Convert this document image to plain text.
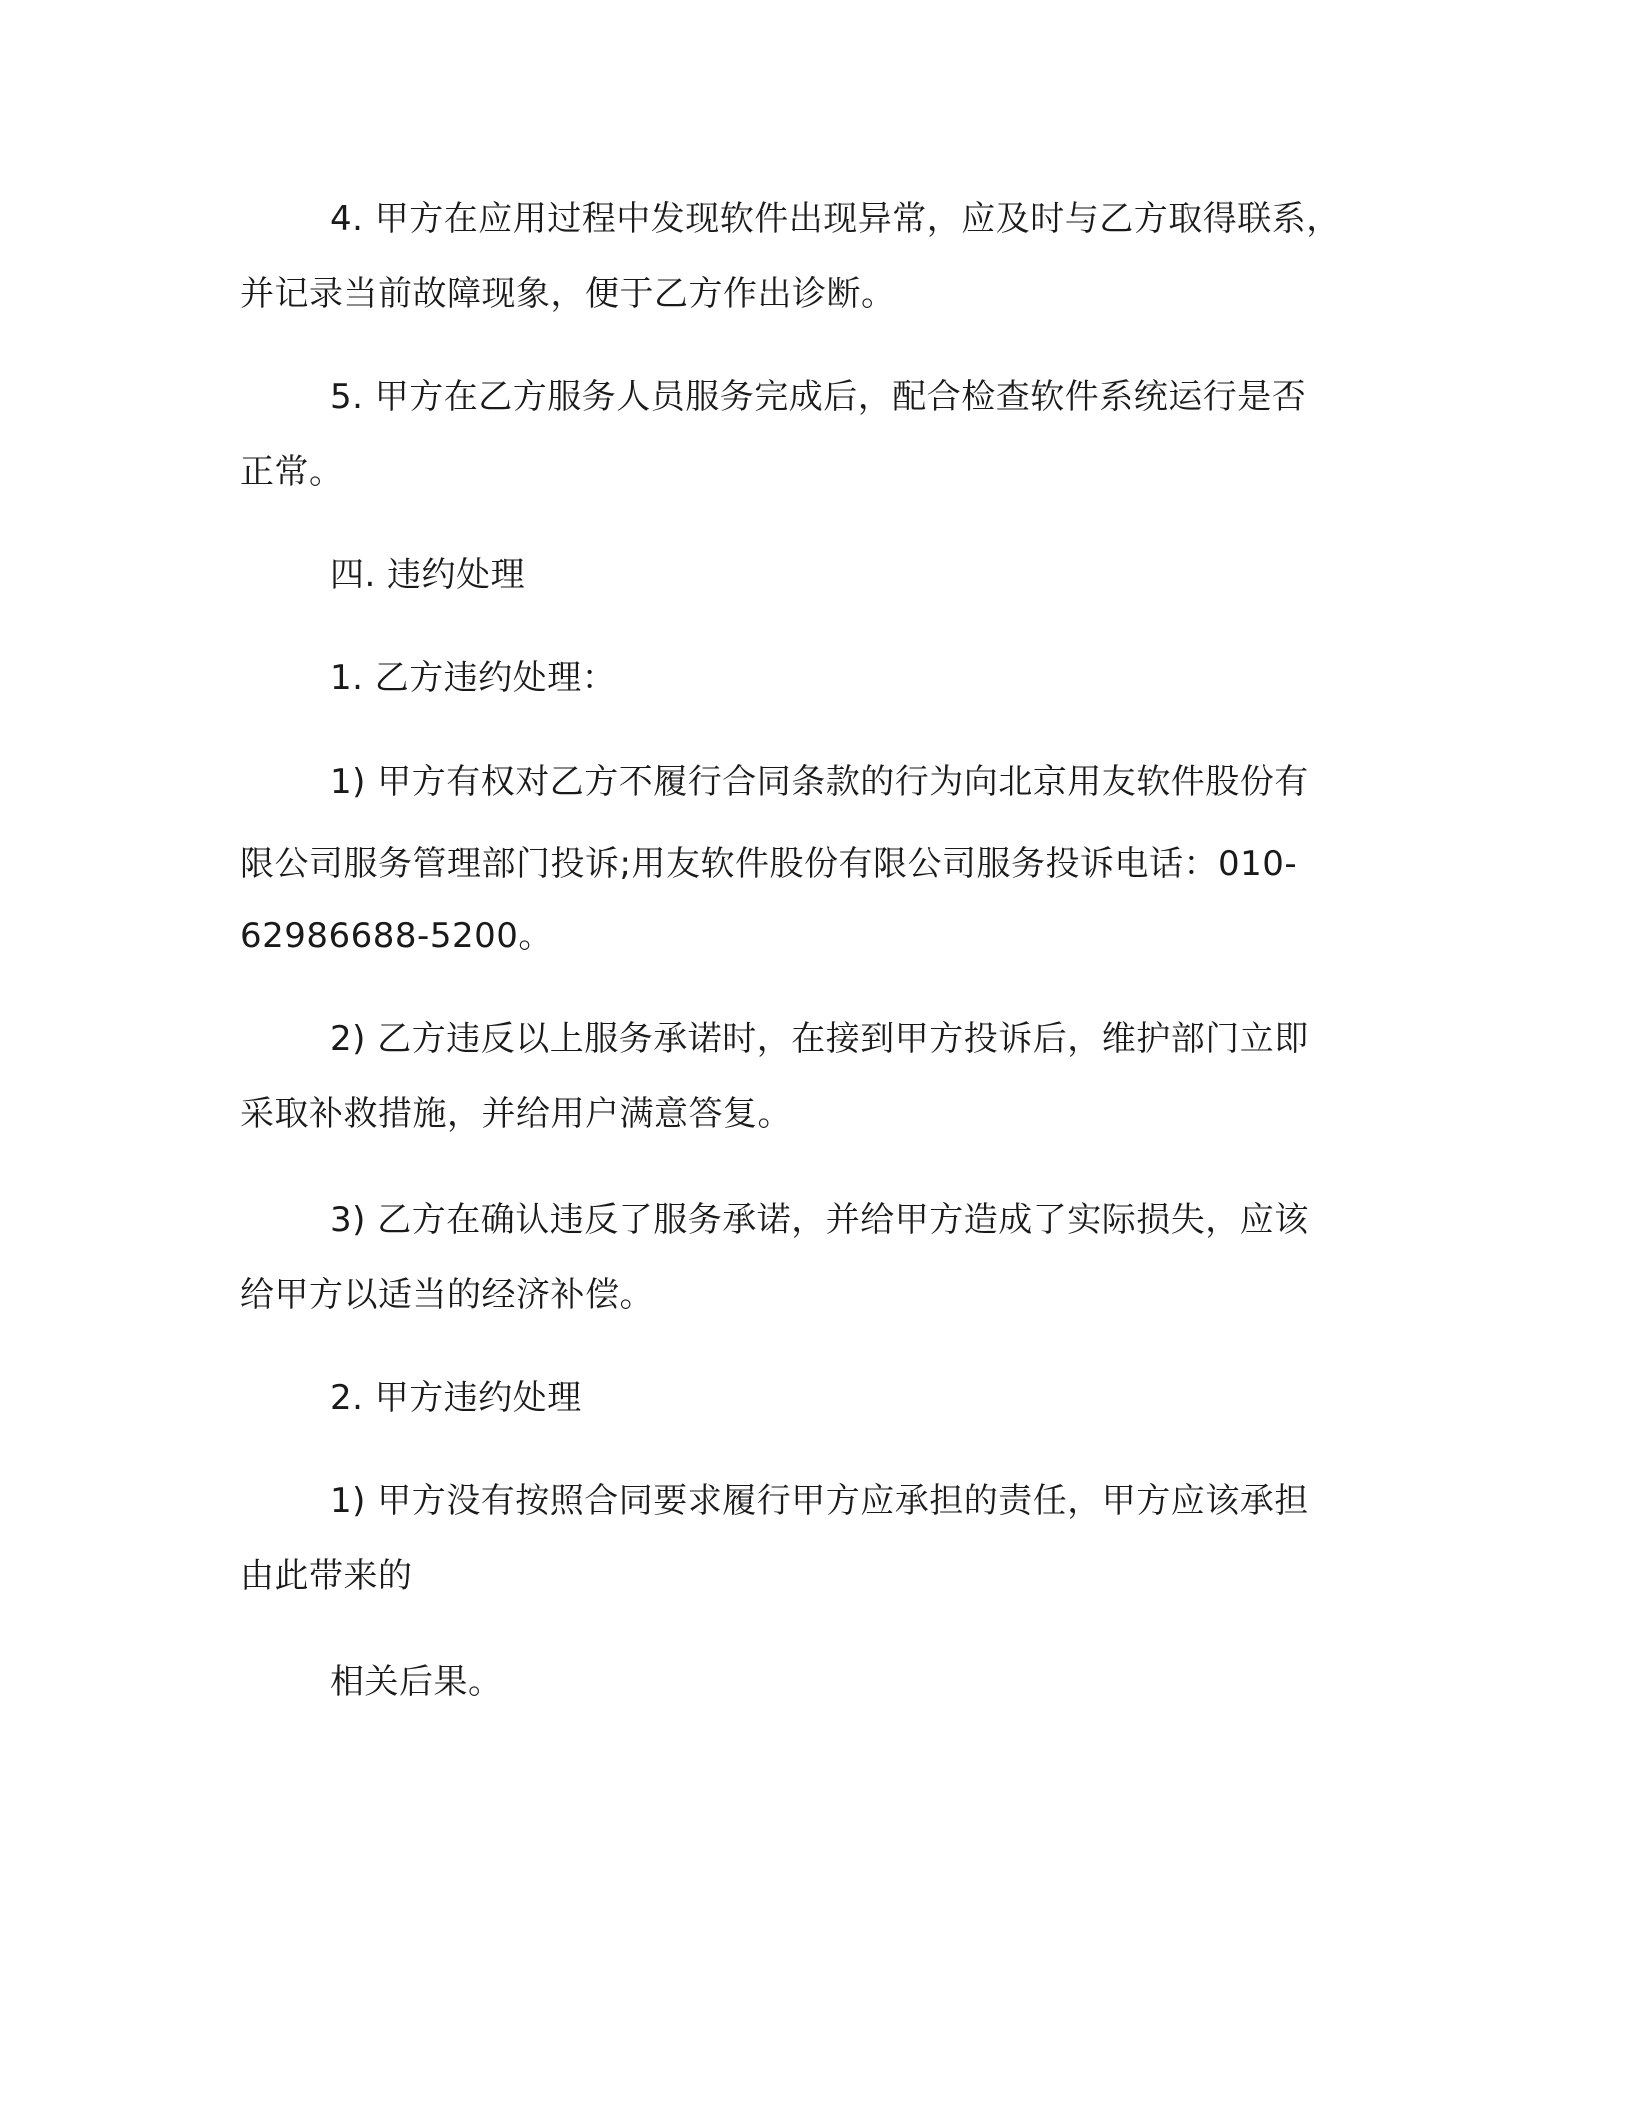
4. 甲方在应用过程中发现软件出现异常，应及时与乙方取得联系，
并记录当前故障现象，便于乙方作出诊断。
5. 甲方在乙方服务人员服务完成后，配合检查软件系统运行是否
正常。
四. 违约处理
1. 乙方违约处理：
1) 甲方有权对乙方不履行合同条款的行为向北京用友软件股份有
限公司服务管理部门投诉;用友软件股份有限公司服务投诉电话：010-
62986688-5200。
2) 乙方违反以上服务承诺时，在接到甲方投诉后，维护部门立即
采取补救措施，并给用户满意答复。
3) 乙方在确认违反了服务承诺，并给甲方造成了实际损失，应该
给甲方以适当的经济补偿。
2. 甲方违约处理
1) 甲方没有按照合同要求履行甲方应承担的责任，甲方应该承担
由此带来的
相关后果。
